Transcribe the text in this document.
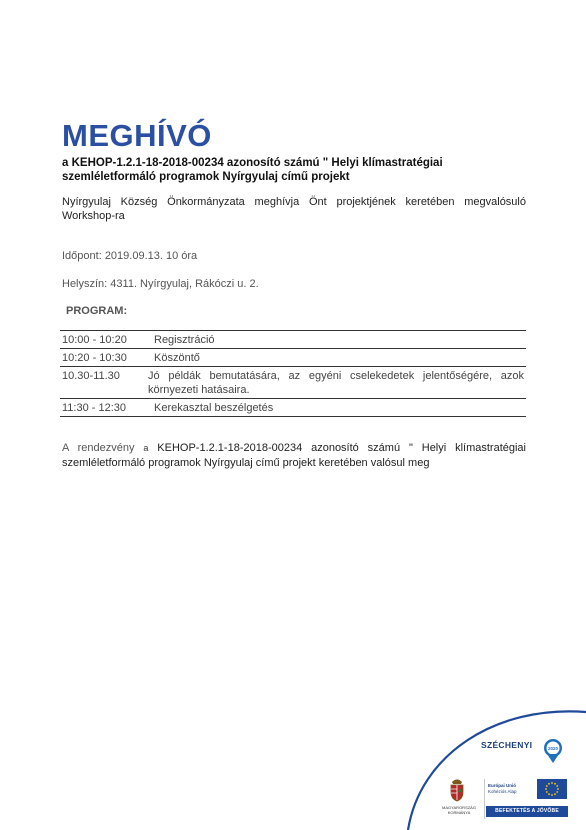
MEGHÍVÓ
a KEHOP-1.2.1-18-2018-00234 azonosító számú " Helyi klímastratégiai
szemléletformáló programok Nyírgyulaj című projekt
Nyírgyulaj Község Önkormányzata meghívja Önt projektjének keretében megvalósuló Workshop-ra
Időpont: 2019.09.13. 10 óra
Helyszín: 4311. Nyírgyulaj, Rákóczi u. 2.
PROGRAM:
10:00 - 10:20	Regisztráció
10:20 - 10:30	Köszöntő
10.30-11.30	Jó példák bemutatására, az egyéni cselekedetek jelentőségére, azok környezeti hatásaira.
11:30 - 12:30	Kerekasztal beszélgetés
A rendezvény a KEHOP-1.2.1-18-2018-00234 azonosító számú " Helyi klímastratégiai szemléletformáló programok Nyírgyulaj című projekt keretében valósul meg
SZÉCHENYI	2020
MAGYARORSZÁG
KORMÁNYA
Európai Unió
Kohéziós Alap
BEFEKTETÉS A JÖVŐBE
